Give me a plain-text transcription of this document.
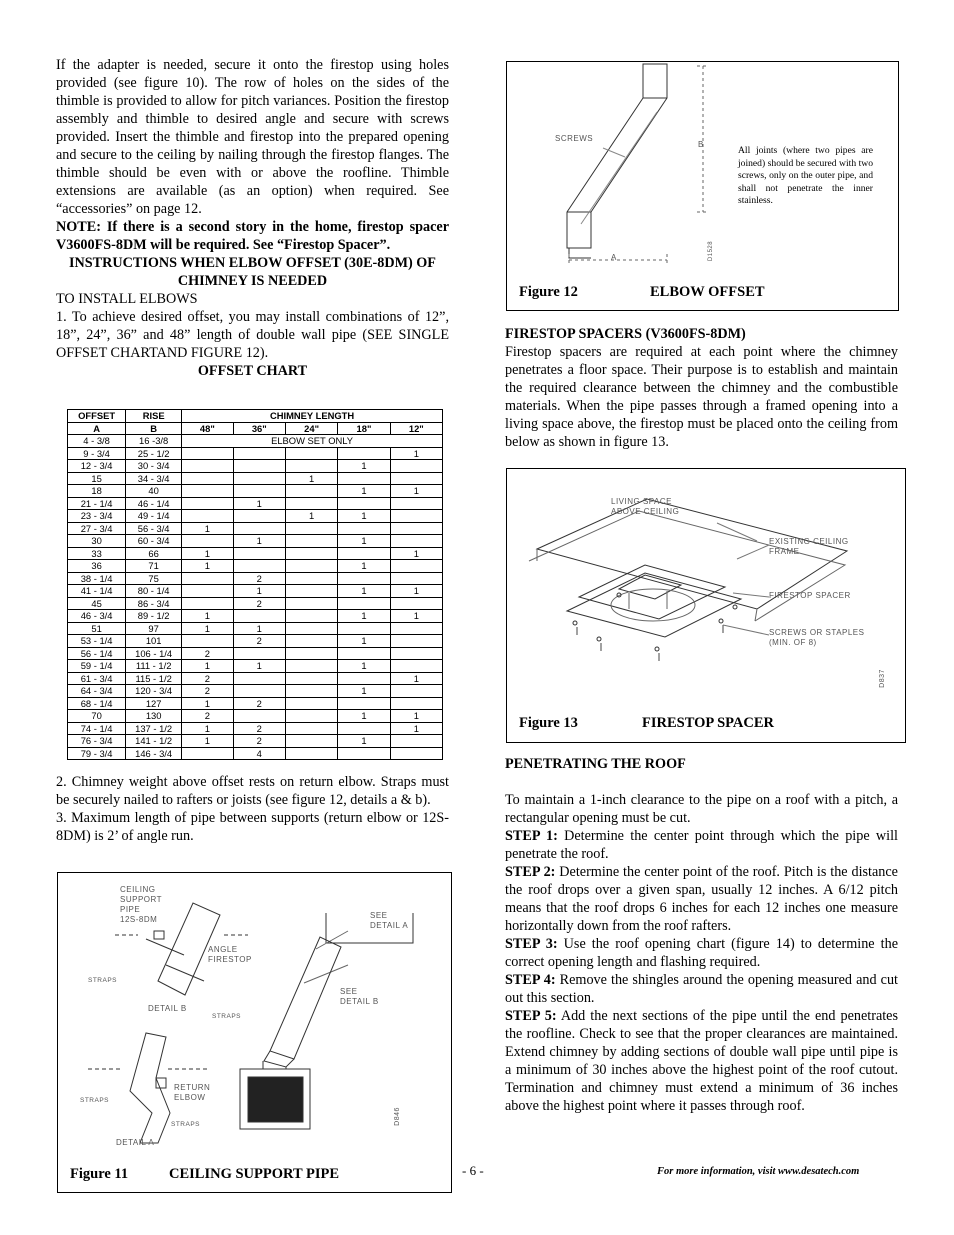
If the adapter is needed, secure it onto the firestop using holes provided (see figure 10). The row of holes on the sides of the thimble is provided to allow for pitch variances. Position the firestop assembly and thimble to desired angle and secure with screws provided. Insert the thimble and firestop into the prepared opening and secure to the ceiling by nailing through the firestop flanges. The thimble should be even with or above the roofline. Thimble extensions are available (as an option) when required. See “accessories” on page 12.

NOTE: If there is a second story in the home, firestop spacer V3600FS-8DM will be required. See “Firestop Spacer”.

INSTRUCTIONS WHEN ELBOW OFFSET (30E-8DM) OF CHIMNEY IS NEEDED

TO INSTALL ELBOWS

1. To achieve desired offset, you may install combinations of 12”, 18”, 24”, 36” and 48” length of double wall pipe (SEE SINGLE OFFSET CHARTAND FIGURE 12).

OFFSET CHART

OFFSET	RISE	CHIMNEY LENGTH				
A	B	48"	36"	24"	18"	12"
4 - 3/8	16 -3/8	ELBOW SET ONLY				
9 - 3/4	25 - 1/2					1
12 - 3/4	30 - 3/4				1	
15	34 - 3/4			1		
18	40				1	1
21 - 1/4	46 - 1/4		1			
23 - 3/4	49 - 1/4			1	1	
27 - 3/4	56 - 3/4	1				
30	60 - 3/4		1		1	
33	66	1				1
36	71	1			1	
38 - 1/4	75		2			
41 - 1/4	80 - 1/4		1		1	1
45	86 - 3/4		2			
46 - 3/4	89 - 1/2	1			1	1
51	97	1	1			
53 - 1/4	101		2		1	
56 - 1/4	106 - 1/4	2				
59 - 1/4	111 - 1/2	1	1		1	
61 - 3/4	115 - 1/2	2				1
64 - 3/4	120 - 3/4	2			1	
68 - 1/4	127	1	2			
70	130	2			1	1
74 - 1/4	137 - 1/2	1	2			1
76 - 3/4	141 - 1/2	1	2		1	
79 - 3/4	146 - 3/4		4			

2. Chimney weight above offset rests on return elbow. Straps must be securely nailed to rafters or joists (see figure 12, details a & b).

3. Maximum length of pipe between supports (return elbow or 12S-8DM) is 2’ of angle run.

CEILING
SUPPORT
PIPE
12S-8DM
ANGLE
FIRESTOP
STRAPS
DETAIL B
STRAPS
SEE
DETAIL A
SEE
DETAIL B
RETURN
ELBOW
STRAPS
STRAPS
DETAIL A
D846
Figure 11	CEILING SUPPORT PIPE
SCREWS
B
A	D1528
All joints (where two pipes are joined) should be secured with two screws, only on the outer pipe, and shall not penetrate the inner stainless.
Figure 12	ELBOW OFFSET

FIRESTOP SPACERS (V3600FS-8DM)

Firestop spacers are required at each point where the chimney penetrates a floor space. Their purpose is to establish and maintain the required clearance between the chimney and the combustible materials. When the pipe passes through a framed opening into a living space above, the firestop must be placed onto the ceiling from below as shown in figure 13.

LIVING SPACE
ABOVE CEILING
EXISTING CEILING
FRAME
FIRESTOP SPACER
SCREWS OR STAPLES
(MIN. OF 8)
D837
Figure 13	FIRESTOP SPACER

PENETRATING THE ROOF

To maintain a 1-inch clearance to the pipe on a roof with a pitch, a rectangular opening must be cut.

STEP 1: Determine the center point through which the pipe will penetrate the roof.

STEP 2: Determine the center point of the roof. Pitch is the distance the roof drops over a given span, usually 12 inches. A 6/12 pitch means that the roof drops 6 inches for each 12 inches one measure horizontally down from the roof rafters.

STEP 3: Use the roof opening chart (figure 14) to determine the correct opening length and flashing required.

STEP 4: Remove the shingles around the opening measured and cut out this section.

STEP 5: Add the next sections of the pipe until the end penetrates the roofline. Check to see that the proper clearances are maintained. Extend chimney by adding sections of double wall pipe until pipe is a minimum of 30 inches above the highest point of the roof cutout. Termination and chimney must extend a minimum of 36 inches above the highest point where it passes through roof.

- 6 -	For more information, visit www.desatech.com
